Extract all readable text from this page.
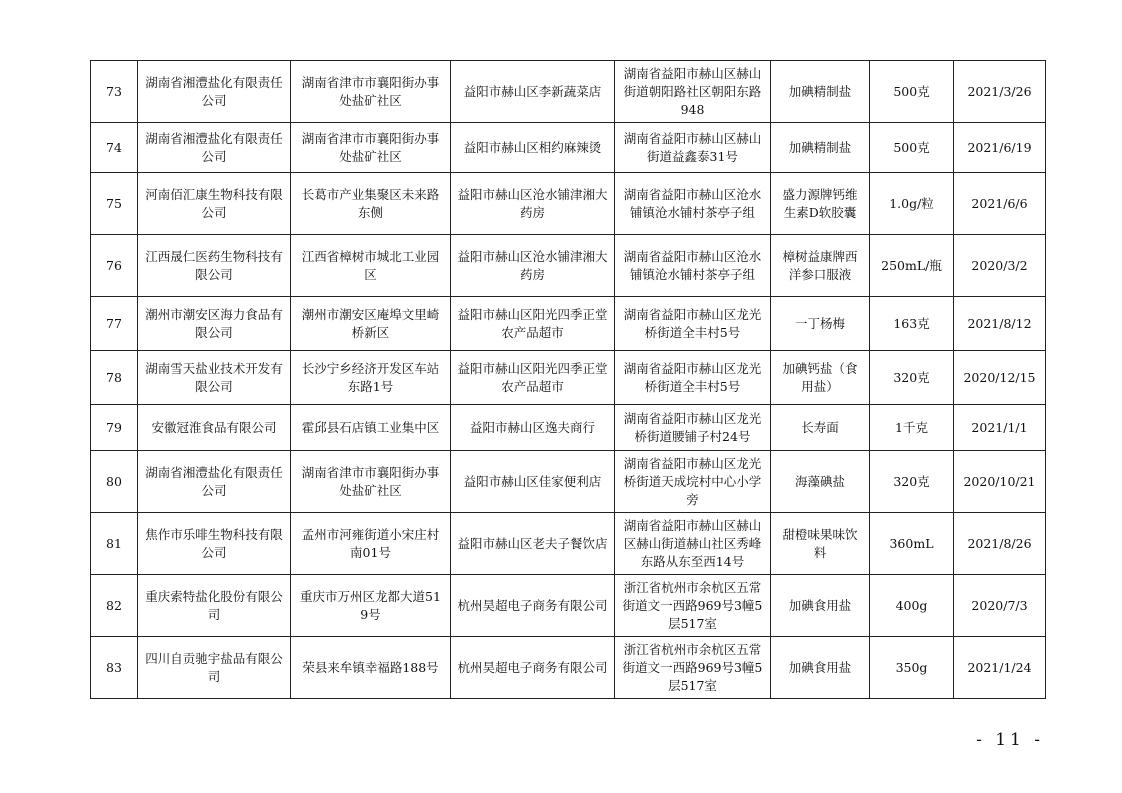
73	湖南省湘澧盐化有限责任公司	湖南省津市市襄阳街办事处盐矿社区	益阳市赫山区李新蔬菜店	湖南省益阳市赫山区赫山街道朝阳路社区朝阳东路948	加碘精制盐	500克	2021/3/26
74	湖南省湘澧盐化有限责任公司	湖南省津市市襄阳街办事处盐矿社区	益阳市赫山区相约麻辣烫	湖南省益阳市赫山区赫山街道益鑫泰31号	加碘精制盐	500克	2021/6/19
75	河南佰汇康生物科技有限公司	长葛市产业集聚区未来路东侧	益阳市赫山区沧水铺津湘大药房	湖南省益阳市赫山区沧水铺镇沧水铺村茶亭子组	盛力源牌钙维生素D软胶囊	1.0g/粒	2021/6/6
76	江西晟仁医药生物科技有限公司	江西省樟树市城北工业园区	益阳市赫山区沧水铺津湘大药房	湖南省益阳市赫山区沧水铺镇沧水铺村茶亭子组	樟树益康牌西洋参口服液	250mL/瓶	2020/3/2
77	潮州市潮安区海力食品有限公司	潮州市潮安区庵埠文里崎桥新区	益阳市赫山区阳光四季正堂农产品超市	湖南省益阳市赫山区龙光桥街道全丰村5号	一丁杨梅	163克	2021/8/12
78	湖南雪天盐业技术开发有限公司	长沙宁乡经济开发区车站东路1号	益阳市赫山区阳光四季正堂农产品超市	湖南省益阳市赫山区龙光桥街道全丰村5号	加碘钙盐（食用盐）	320克	2020/12/15
79	安徽冠淮食品有限公司	霍邱县石店镇工业集中区	益阳市赫山区逸夫商行	湖南省益阳市赫山区龙光桥街道腰铺子村24号	长寿面	1千克	2021/1/1
80	湖南省湘澧盐化有限责任公司	湖南省津市市襄阳街办事处盐矿社区	益阳市赫山区佳家便利店	湖南省益阳市赫山区龙光桥街道天成垸村中心小学旁	海藻碘盐	320克	2020/10/21
81	焦作市乐啡生物科技有限公司	孟州市河雍街道小宋庄村南01号	益阳市赫山区老夫子餐饮店	湖南省益阳市赫山区赫山区赫山街道赫山社区秀峰东路从东至西14号	甜橙味果味饮料	360mL	2021/8/26
82	重庆索特盐化股份有限公司	重庆市万州区龙都大道519号	杭州昊超电子商务有限公司	浙江省杭州市余杭区五常街道文一西路969号3幢5层517室	加碘食用盐	400g	2020/7/3
83	四川自贡驰宇盐品有限公司	荣县来牟镇幸福路188号	杭州昊超电子商务有限公司	浙江省杭州市余杭区五常街道文一西路969号3幢5层517室	加碘食用盐	350g	2021/1/24
- 11 -
